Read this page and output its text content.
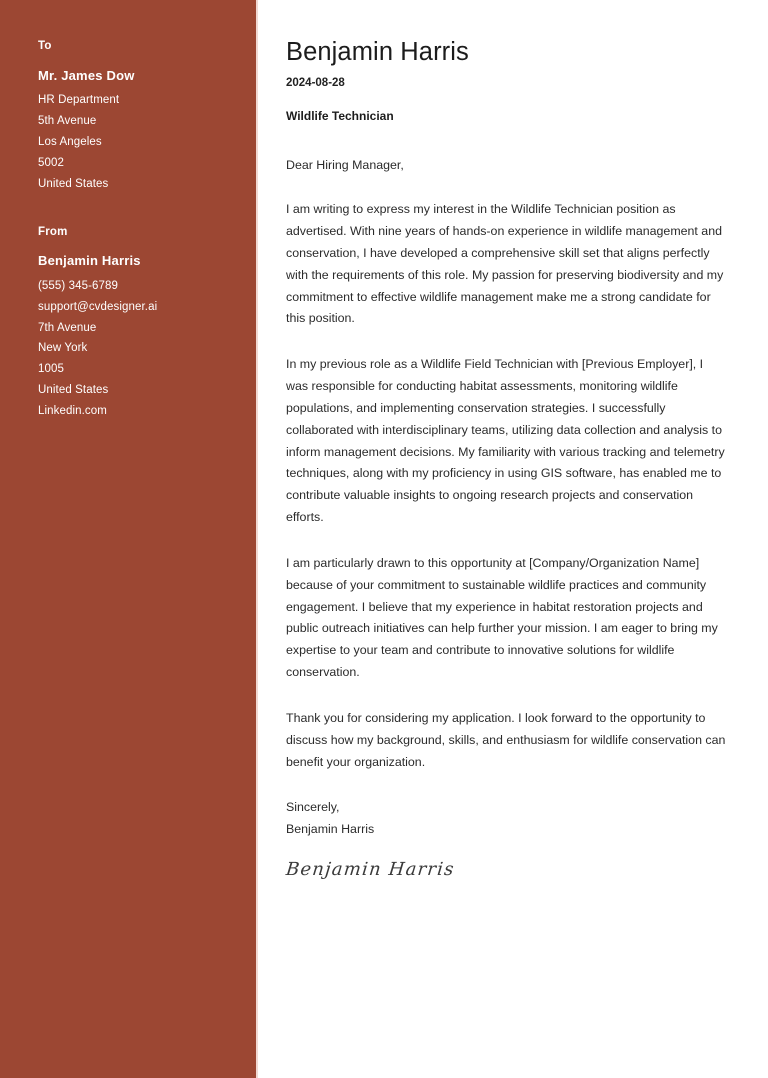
To

Mr. James Dow

HR Department

5th Avenue

Los Angeles

5002

United States

From

Benjamin Harris

(555) 345-6789

support@cvdesigner.ai

7th Avenue

New York

1005

United States

Linkedin.com

Benjamin Harris

2024-08-28

Wildlife Technician

Dear Hiring Manager,

I am writing to express my interest in the Wildlife Technician position as advertised. With nine years of hands-on experience in wildlife management and conservation, I have developed a comprehensive skill set that aligns perfectly with the requirements of this role. My passion for preserving biodiversity and my commitment to effective wildlife management make me a strong candidate for this position.

In my previous role as a Wildlife Field Technician with [Previous Employer], I was responsible for conducting habitat assessments, monitoring wildlife populations, and implementing conservation strategies. I successfully collaborated with interdisciplinary teams, utilizing data collection and analysis to inform management decisions. My familiarity with various tracking and telemetry techniques, along with my proficiency in using GIS software, has enabled me to contribute valuable insights to ongoing research projects and conservation efforts.

I am particularly drawn to this opportunity at [Company/Organization Name] because of your commitment to sustainable wildlife practices and community engagement. I believe that my experience in habitat restoration projects and public outreach initiatives can help further your mission. I am eager to bring my expertise to your team and contribute to innovative solutions for wildlife conservation.

Thank you for considering my application. I look forward to the opportunity to discuss how my background, skills, and enthusiasm for wildlife conservation can benefit your organization.

Sincerely,

Benjamin Harris

Benjamin Harris
